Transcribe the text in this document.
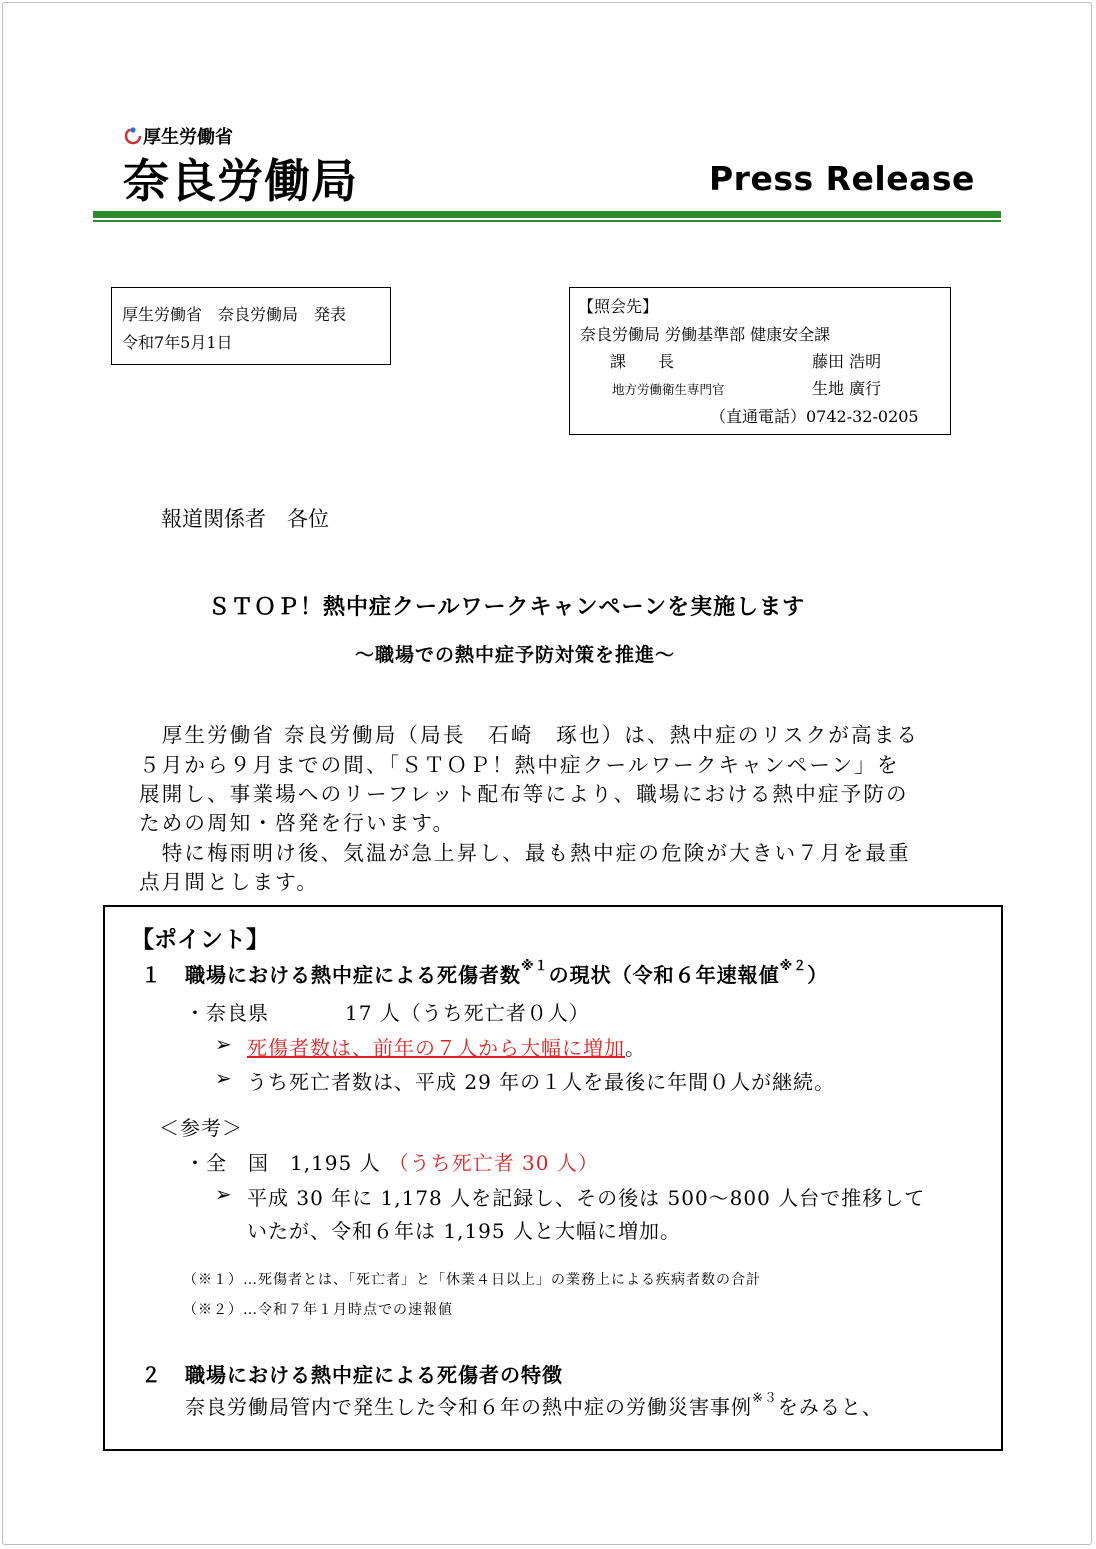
厚生労働省
奈良労働局	Press Release
厚生労働省　奈良労働局　発表
令和7年5月1日
【照会先】
奈良労働局 労働基準部 健康安全課
課　　長	藤田 浩明
地方労働衛生専門官	生地 廣行
（直通電話）0742-32-0205
報道関係者　各位
ＳＴＯＰ！熱中症クールワークキャンペーンを実施します
～職場での熱中症予防対策を推進～
　厚生労働省 奈良労働局（局長　石崎　琢也）は、熱中症のリスクが高まる
５月から９月までの間、「ＳＴＯＰ！熱中症クールワークキャンペーン」を
展開し、事業場へのリーフレット配布等により、職場における熱中症予防の
ための周知・啓発を行います。
　特に梅雨明け後、気温が急上昇し、最も熱中症の危険が大きい７月を最重
点月間とします。
【ポイント】
１ 職場における熱中症による死傷者数$^{※1}$の現状（令和６年速報値$^{※2}$）
・奈良県	17 人（うち死亡者０人）
➢ 死傷者数は、前年の７人から大幅に増加。
➢ うち死亡者数は、平成 29 年の１人を最後に年間０人が継続。
＜参考＞
・全　国　1,195 人 （うち死亡者 30 人）
➢ 平成 30 年に 1,178 人を記録し、その後は 500～800 人台で推移して
いたが、令和６年は 1,195 人と大幅に増加。
（※１）…死傷者とは、「死亡者」と「休業４日以上」の業務上による疾病者数の合計
（※２）…令和７年１月時点での速報値
２ 職場における熱中症による死傷者の特徴
奈良労働局管内で発生した令和６年の熱中症の労働災害事例$^{※3}$をみると、
